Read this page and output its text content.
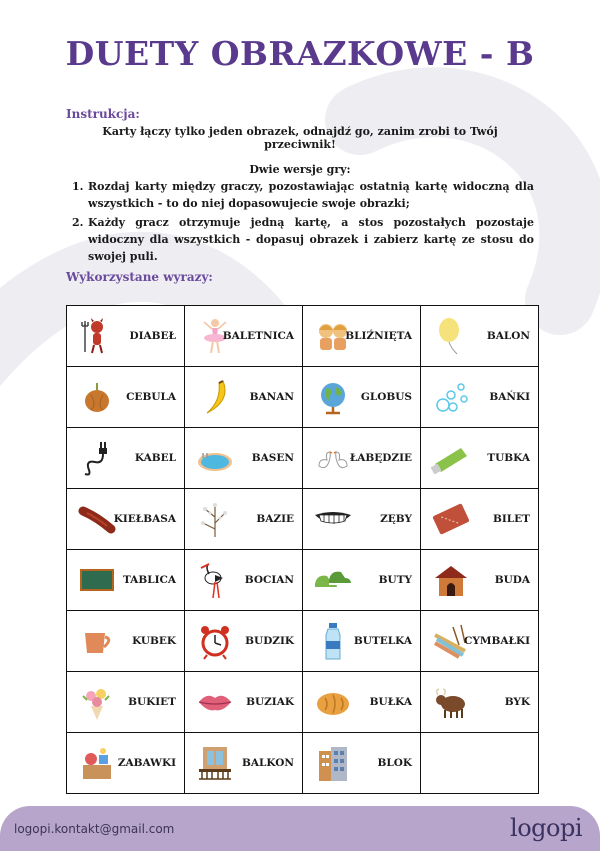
DUETY OBRAZKOWE - B
Instrukcja:
Karty łączy tylko jeden obrazek, odnajdź go, zanim zrobi to Twój przeciwnik!
Dwie wersje gry:
1. Rozdaj karty między graczy, pozostawiając ostatnią kartę widoczną dla wszystkich - to do niej dopasowujecie swoje obrazki;
2. Każdy gracz otrzymuje jedną kartę, a stos pozostałych pozostaje widoczny dla wszystkich - dopasuj obrazek i zabierz kartę ze stosu do swojej puli.
Wykorzystane wyrazy:
DIABEŁ	BALETNICA	BLIŹNIĘTA	BALON

CEBULA	BANAN	GLOBUS	BAŃKI

KABEL	BASEN	ŁABĘDZIE	TUBKA

KIEŁBASA	BAZIE	ZĘBY	BILET

TABLICA	BOCIAN	BUTY	BUDA

KUBEK	BUDZIK	BUTELKA	CYMBAŁKI

BUKIET	BUZIAK	BUŁKA	BYK

ZABAWKI	BALKON	BLOK	

logopi.kontakt@gmail.com	logopi
